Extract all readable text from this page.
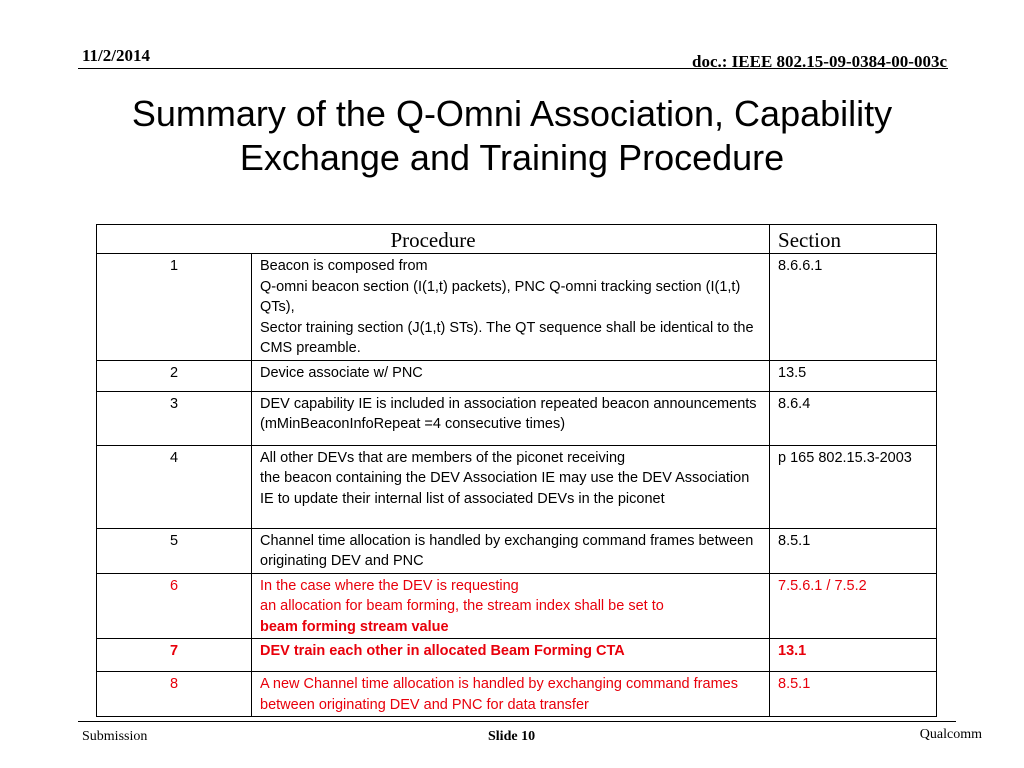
11/2/2014	doc.: IEEE 802.15-09-0384-00-003c
Summary of the Q-Omni Association, Capability
Exchange and Training Procedure
Procedure		Section
1	Beacon is composed from
Q-omni beacon section (I(1,t) packets), PNC Q-omni tracking section (I(1,t) QTs),
Sector training section (J(1,t) STs). The QT sequence shall be identical to the CMS preamble.	8.6.6.1
2	Device associate w/ PNC	13.5
3	DEV capability IE is included in association repeated beacon announcements (mMinBeaconInfoRepeat =4 consecutive times)	8.6.4
4	All other DEVs that are members of the piconet receiving
the beacon containing the DEV Association IE may use the DEV Association IE to update their internal list of associated DEVs in the piconet	p 165 802.15.3-2003
5	Channel time allocation is handled by exchanging command frames between originating DEV and PNC	8.5.1
6	In the case where the DEV is requesting
an allocation for beam forming, the stream index shall be set to
beam forming stream value	7.5.6.1 / 7.5.2
7	DEV train each other in allocated Beam Forming CTA	13.1
8	A new Channel time allocation is handled by exchanging command frames between originating DEV and PNC for data transfer	8.5.1
Submission	Slide 10	Qualcomm
